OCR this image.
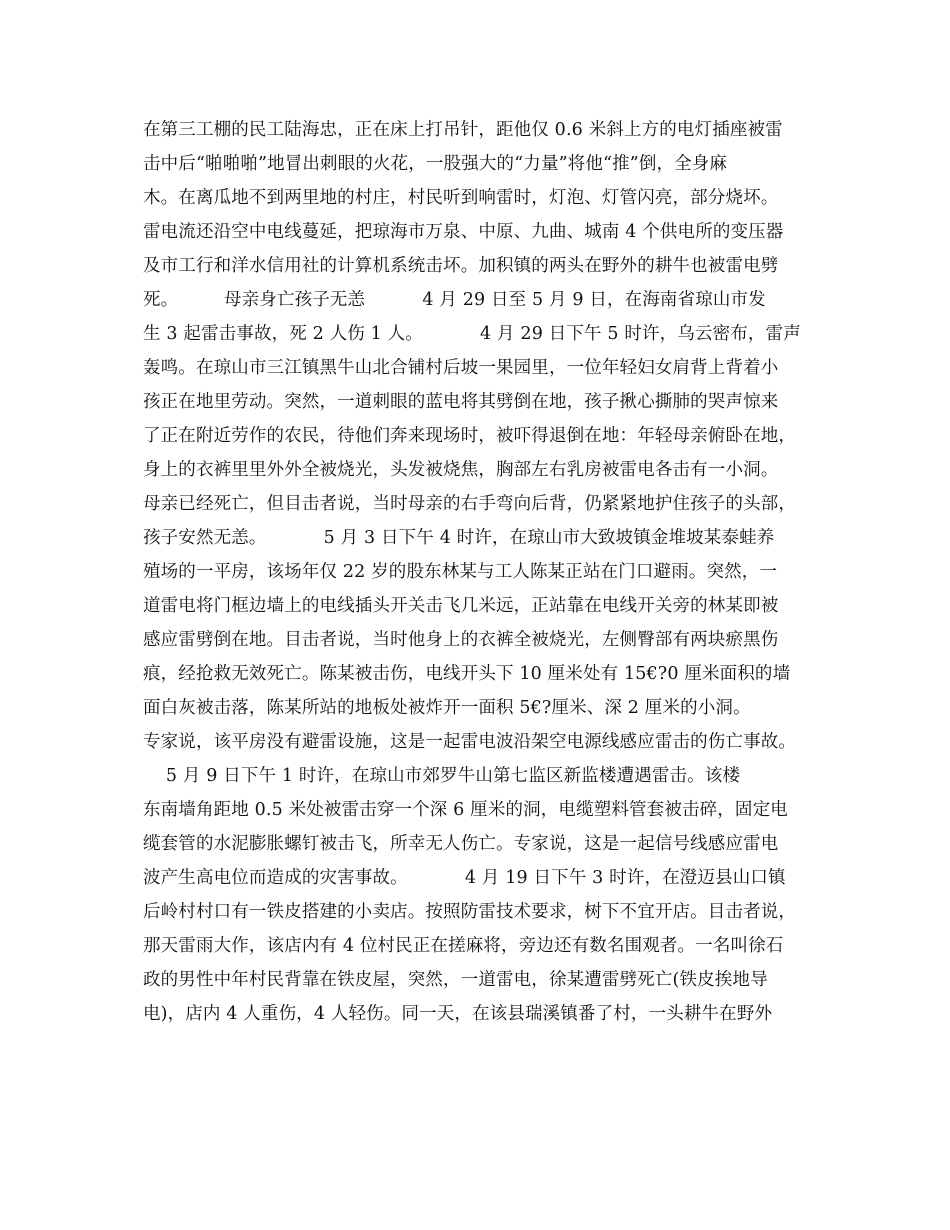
在第三工棚的民工陆海忠，正在床上打吊针，距他仅 0.6 米斜上方的电灯插座被雷
击中后“啪啪啪”地冒出刺眼的火花，一股强大的“力量”将他“推”倒，全身麻
木。在离瓜地不到两里地的村庄，村民听到响雷时，灯泡、灯管闪亮，部分烧坏。
雷电流还沿空中电线蔓延，把琼海市万泉、中原、九曲、城南 4 个供电所的变压器
及市工行和洋水信用社的计算机系统击坏。加积镇的两头在野外的耕牛也被雷电劈
死。        母亲身亡孩子无恙          4 月 29 日至 5 月 9 日，在海南省琼山市发
生 3 起雷击事故，死 2 人伤 1 人。          4 月 29 日下午 5 时许，乌云密布，雷声
轰鸣。在琼山市三江镇黑牛山北合铺村后坡一果园里，一位年轻妇女肩背上背着小
孩正在地里劳动。突然，一道刺眼的蓝电将其劈倒在地，孩子揪心撕肺的哭声惊来
了正在附近劳作的农民，待他们奔来现场时，被吓得退倒在地：年轻母亲俯卧在地，
身上的衣裤里里外外全被烧光，头发被烧焦，胸部左右乳房被雷电各击有一小洞。
母亲已经死亡，但目击者说，当时母亲的右手弯向后背，仍紧紧地护住孩子的头部，
孩子安然无恙。          5 月 3 日下午 4 时许，在琼山市大致坡镇金堆坡某泰蛙养
殖场的一平房，该场年仅 22 岁的股东林某与工人陈某正站在门口避雨。突然，一
道雷电将门框边墙上的电线插头开关击飞几米远，正站靠在电线开关旁的林某即被
感应雷劈倒在地。目击者说，当时他身上的衣裤全被烧光，左侧臀部有两块瘀黑伤
痕，经抢救无效死亡。陈某被击伤，电线开头下 10 厘米处有 15€?0 厘米面积的墙
面白灰被击落，陈某所站的地板处被炸开一面积 5€?厘米、深 2 厘米的小洞。
专家说，该平房没有避雷设施，这是一起雷电波沿架空电源线感应雷击的伤亡事故。
5 月 9 日下午 1 时许，在琼山市郊罗牛山第七监区新监楼遭遇雷击。该楼
东南墙角距地 0.5 米处被雷击穿一个深 6 厘米的洞，电缆塑料管套被击碎，固定电
缆套管的水泥膨胀螺钉被击飞，所幸无人伤亡。专家说，这是一起信号线感应雷电
波产生高电位而造成的灾害事故。          4 月 19 日下午 3 时许，在澄迈县山口镇
后岭村村口有一铁皮搭建的小卖店。按照防雷技术要求，树下不宜开店。目击者说，
那天雷雨大作，该店内有 4 位村民正在搓麻将，旁边还有数名围观者。一名叫徐石
政的男性中年村民背靠在铁皮屋，突然，一道雷电，徐某遭雷劈死亡(铁皮挨地导
电)，店内 4 人重伤，4 人轻伤。同一天，在该县瑞溪镇番了村，一头耕牛在野外
